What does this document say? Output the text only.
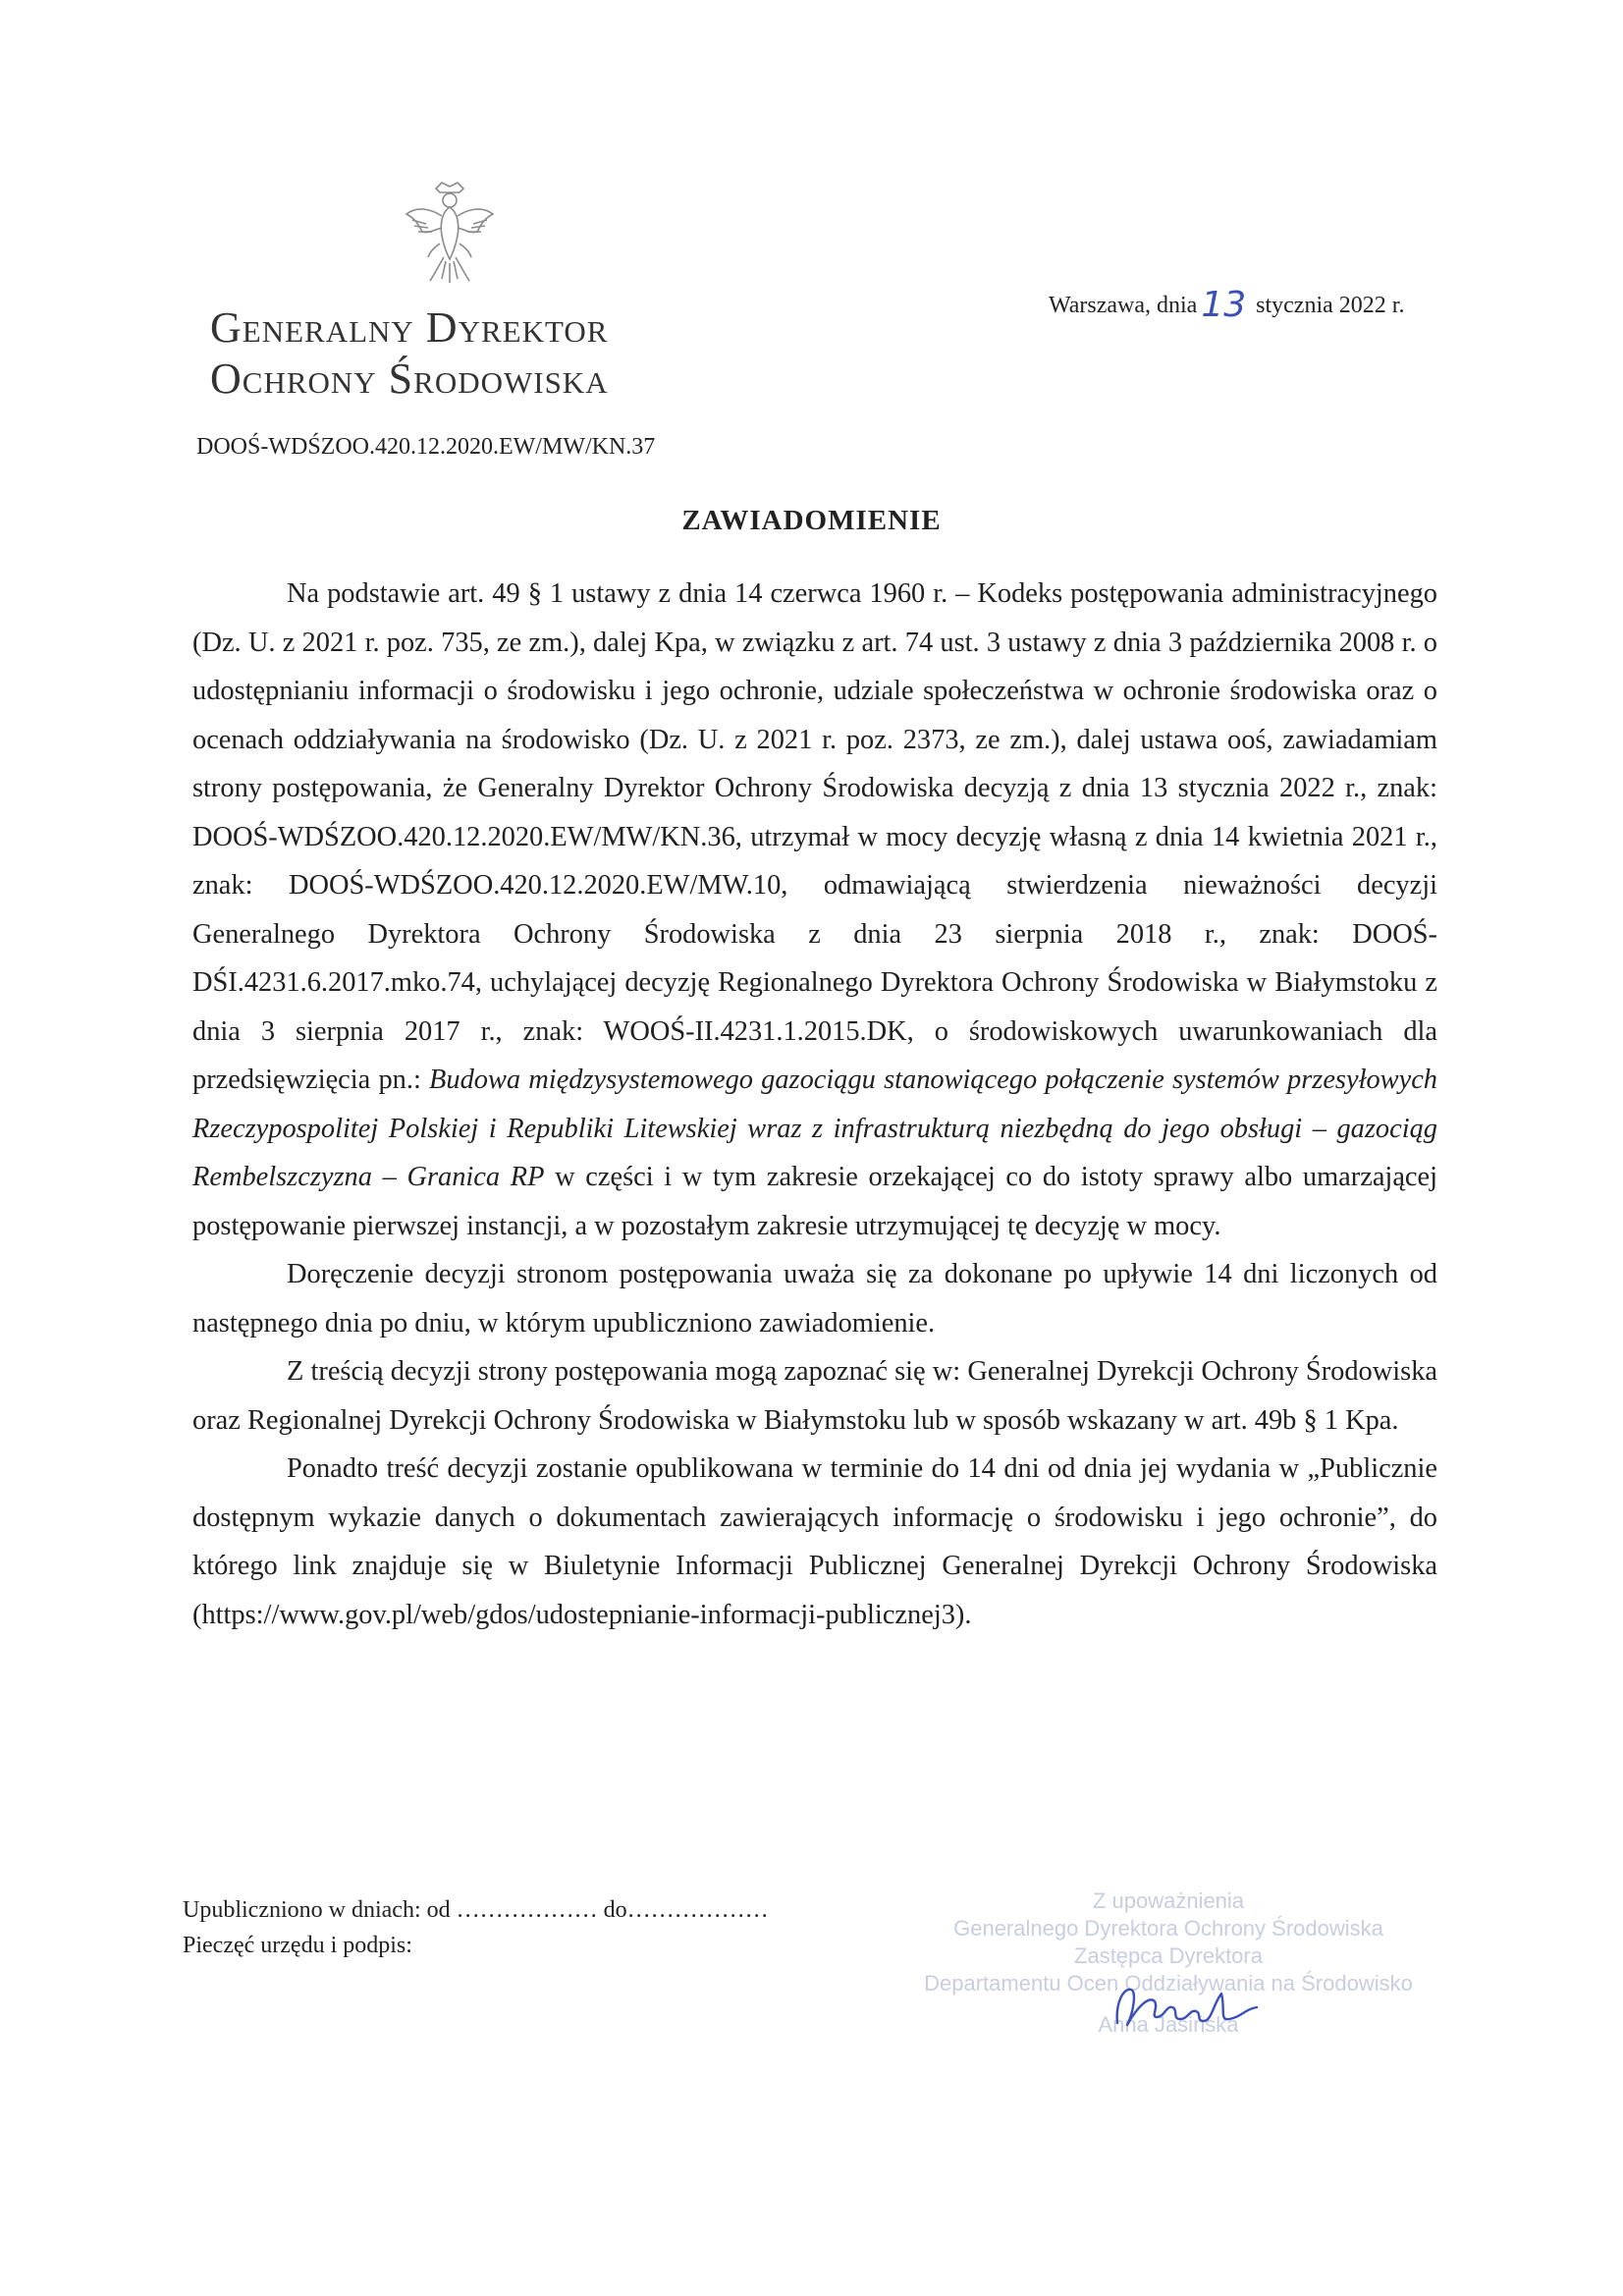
Generalny Dyrektor
Ochrony Środowiska
Warszawa, dnia 13 stycznia 2022 r.
DOOŚ-WDŚZOO.420.12.2020.EW/MW/KN.37
ZAWIADOMIENIE

Na podstawie art. 49 § 1 ustawy z dnia 14 czerwca 1960 r. – Kodeks postępowania administracyjnego (Dz. U. z 2021 r. poz. 735, ze zm.), dalej Kpa, w związku z art. 74 ust. 3 ustawy z dnia 3 października 2008 r. o udostępnianiu informacji o środowisku i jego ochronie, udziale społeczeństwa w ochronie środowiska oraz o ocenach oddziaływania na środowisko (Dz. U. z 2021 r. poz. 2373, ze zm.), dalej ustawa ooś, zawiadamiam strony postępowania, że Generalny Dyrektor Ochrony Środowiska decyzją z dnia 13 stycznia 2022 r., znak: DOOŚ-WDŚZOO.420.12.2020.EW/MW/KN.36, utrzymał w mocy decyzję własną z dnia 14 kwietnia 2021 r., znak: DOOŚ-WDŚZOO.420.12.2020.EW/MW.10, odmawiającą stwierdzenia nieważności decyzji Generalnego Dyrektora Ochrony Środowiska z dnia 23 sierpnia 2018 r., znak: DOOŚ-DŚI.4231.6.2017.mko.74, uchylającej decyzję Regionalnego Dyrektora Ochrony Środowiska w Białymstoku z dnia 3 sierpnia 2017 r., znak: WOOŚ-II.4231.1.2015.DK, o środowiskowych uwarunkowaniach dla przedsięwzięcia pn.: Budowa międzysystemowego gazociągu stanowiącego połączenie systemów przesyłowych Rzeczypospolitej Polskiej i Republiki Litewskiej wraz z infrastrukturą niezbędną do jego obsługi – gazociąg Rembelszczyzna – Granica RP w części i w tym zakresie orzekającej co do istoty sprawy albo umarzającej postępowanie pierwszej instancji, a w pozostałym zakresie utrzymującej tę decyzję w mocy.

Doręczenie decyzji stronom postępowania uważa się za dokonane po upływie 14 dni liczonych od następnego dnia po dniu, w którym upubliczniono zawiadomienie.

Z treścią decyzji strony postępowania mogą zapoznać się w: Generalnej Dyrekcji Ochrony Środowiska oraz Regionalnej Dyrekcji Ochrony Środowiska w Białymstoku lub w sposób wskazany w art. 49b § 1 Kpa.

Ponadto treść decyzji zostanie opublikowana w terminie do 14 dni od dnia jej wydania w „Publicznie dostępnym wykazie danych o dokumentach zawierających informację o środowisku i jego ochronie”, do którego link znajduje się w Biuletynie Informacji Publicznej Generalnej Dyrekcji Ochrony Środowiska (https://www.gov.pl/web/gdos/udostepnianie-informacji-publicznej3).

Upubliczniono w dniach: od ……………… do………………
Pieczęć urzędu i podpis:
Z upoważnienia
Generalnego Dyrektora Ochrony Środowiska
Zastępca Dyrektora
Departamentu Ocen Oddziaływania na Środowisko
Anna Jasińska
